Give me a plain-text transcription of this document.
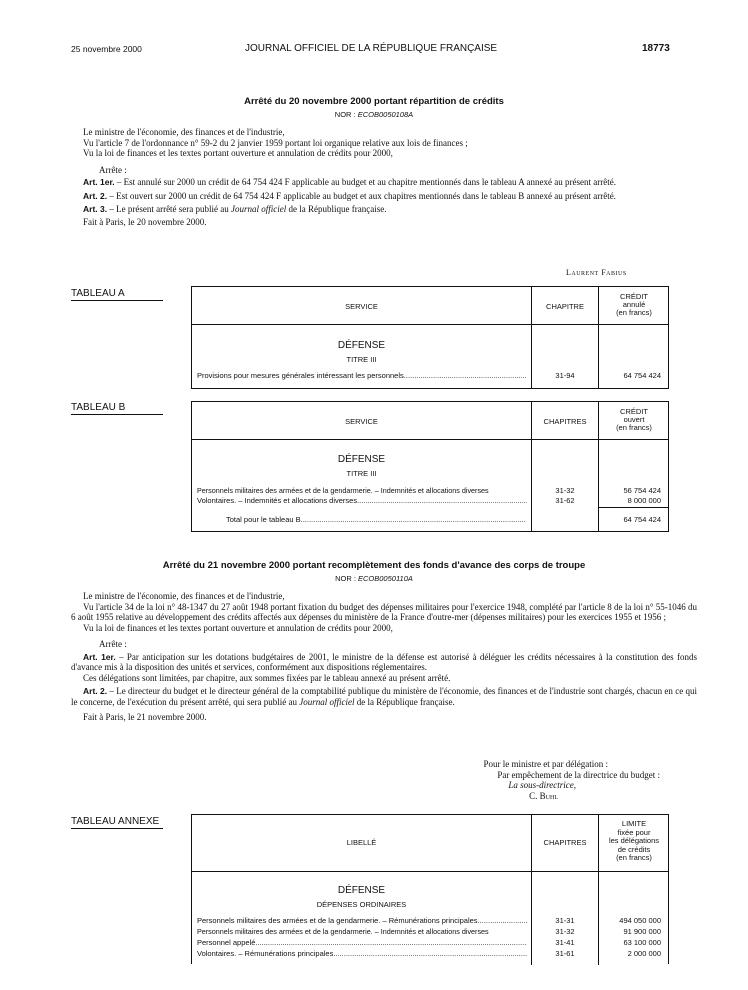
25 novembre 2000	JOURNAL OFFICIEL DE LA RÉPUBLIQUE FRANÇAISE	18773
Arrêté du 20 novembre 2000 portant répartition de crédits
NOR : ECOB0050108A
Le ministre de l'économie, des finances et de l'industrie,
Vu l'article 7 de l'ordonnance n° 59-2 du 2 janvier 1959 portant loi organique relative aux lois de finances ;
Vu la loi de finances et les textes portant ouverture et annulation de crédits pour 2000,
Arrête :
Art. 1er. – Est annulé sur 2000 un crédit de 64 754 424 F applicable au budget et au chapitre mentionnés dans le tableau A annexé au présent arrêté.
Art. 2. – Est ouvert sur 2000 un crédit de 64 754 424 F applicable au budget et aux chapitres mentionnés dans le tableau B annexé au présent arrêté.
Art. 3. – Le présent arrêté sera publié au Journal officiel de la République française.
Fait à Paris, le 20 novembre 2000.
Laurent Fabius
TABLEAU A
SERVICE	CHAPITRE
CRÉDIT
annulé
(en francs)
DÉFENSE
TITRE III
Provisions pour mesures générales intéressant les personnels .....	31-94	64 754 424
TABLEAU B
SERVICE	CHAPITRES
CRÉDIT
ouvert
(en francs)
DÉFENSE
TITRE III
Personnels militaires des armées et de la gendarmerie. – Indemnités et allocations diverses	31-32	56 754 424
Volontaires. – Indemnités et allocations diverses .....	31-62	8 000 000
Total pour le tableau B .....	64 754 424
Arrêté du 21 novembre 2000 portant recomplètement des fonds d'avance des corps de troupe
NOR : ECOB0050110A
Le ministre de l'économie, des finances et de l'industrie,
Vu l'article 34 de la loi n° 48-1347 du 27 août 1948 portant fixation du budget des dépenses militaires pour l'exercice 1948, complété par l'article 8 de la loi n° 55-1046 du 6 août 1955 relative au développement des crédits affectés aux dépenses du ministère de la France d'outre-mer (dépenses militaires) pour les exercices 1955 et 1956 ;
Vu la loi de finances et les textes portant ouverture et annulation de crédits pour 2000,
Arrête :
Art. 1er. – Par anticipation sur les dotations budgétaires de 2001, le ministre de la défense est autorisé à déléguer les crédits nécessaires à la constitution des fonds d'avance mis à la disposition des unités et services, conformément aux dispositions réglementaires.
Ces délégations sont limitées, par chapitre, aux sommes fixées par le tableau annexé au présent arrêté.
Art. 2. – Le directeur du budget et le directeur général de la comptabilité publique du ministère de l'économie, des finances et de l'industrie sont chargés, chacun en ce qui le concerne, de l'exécution du présent arrêté, qui sera publié au Journal officiel de la République française.
Fait à Paris, le 21 novembre 2000.
Pour le ministre et par délégation :
Par empêchement de la directrice du budget :
La sous-directrice,
C. Buhl
TABLEAU ANNEXE
LIBELLÉ	CHAPITRES
LIMITE
fixée pour
les délégations
de crédits
(en francs)
DÉFENSE
DÉPENSES ORDINAIRES
Personnels militaires des armées et de la gendarmerie. – Rémunérations principales .....	31-31	494 050 000
Personnels militaires des armées et de la gendarmerie. – Indemnités et allocations diverses	31-32	91 900 000
Personnel appelé .....	31-41	63 100 000
Volontaires. – Rémunérations principales .....	31-61	2 000 000
